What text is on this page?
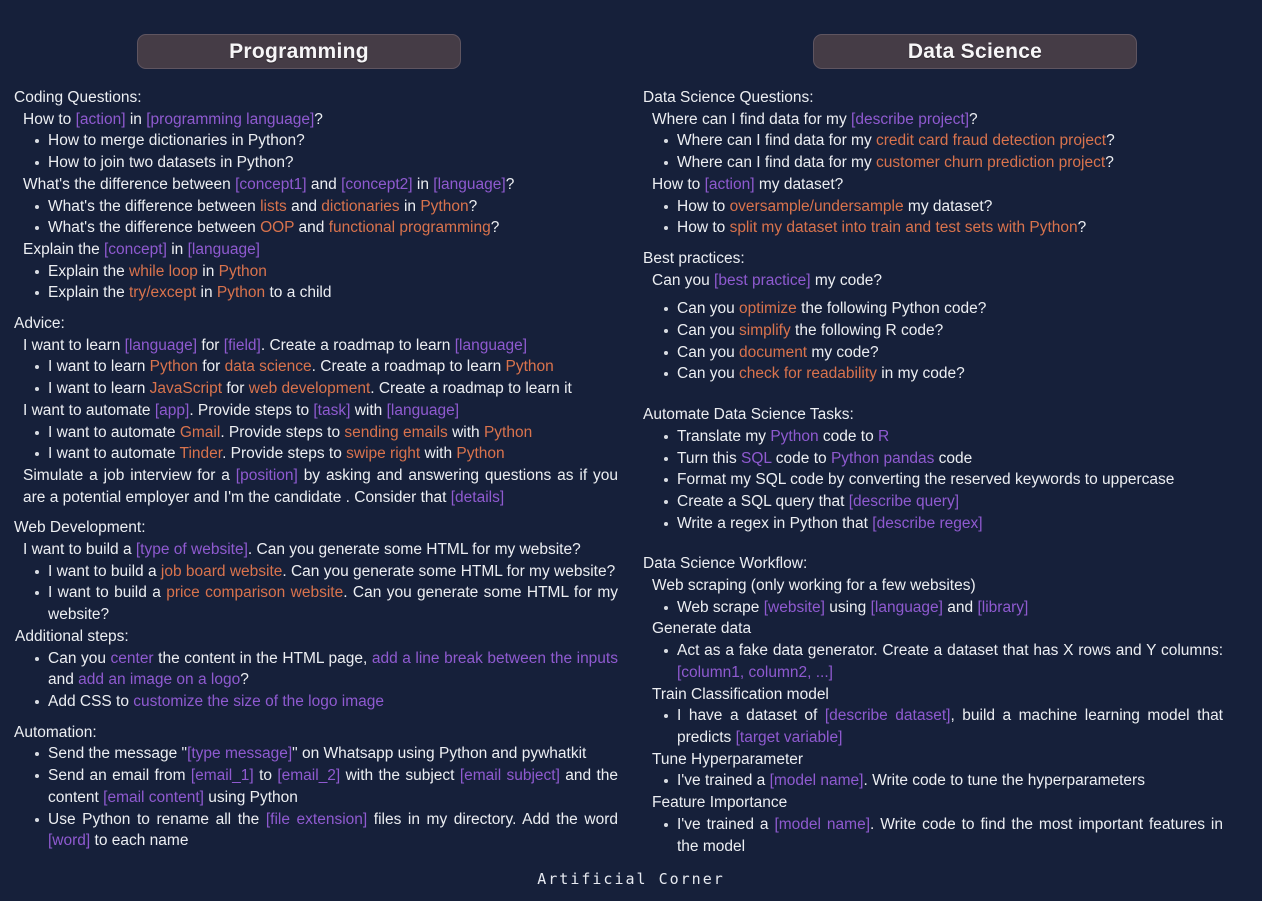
Programming
Coding Questions:
How to [action] in [programming language]?
How to merge dictionaries in Python?
How to join two datasets in Python?
What's the difference between [concept1] and [concept2] in [language]?
What's the difference between lists and dictionaries in Python?
What's the difference between OOP and functional programming?
Explain the [concept] in [language]
Explain the while loop in Python
Explain the try/except in Python to a child
Advice:
I want to learn [language] for [field]. Create a roadmap to learn [language]
I want to learn Python for data science. Create a roadmap to learn Python
I want to learn JavaScript for web development. Create a roadmap to learn it
I want to automate [app]. Provide steps to [task] with [language]
I want to automate Gmail. Provide steps to sending emails with Python
I want to automate Tinder. Provide steps to swipe right with Python
Simulate a job interview for a [position] by asking and answering questions as if you are a potential employer and I'm the candidate . Consider that [details]
Web Development:
I want to build a [type of website]. Can you generate some HTML for my website?
I want to build a job board website. Can you generate some HTML for my website?
I want to build a price comparison website. Can you generate some HTML for my website?
Additional steps:
Can you center the content in the HTML page, add a line break between the inputs and add an image on a logo?
Add CSS to customize the size of the logo image
Automation:
Send the message "[type message]" on Whatsapp using Python and pywhatkit
Send an email from [email_1] to [email_2] with the subject [email subject] and the content [email content] using Python
Use Python to rename all the [file extension] files in my directory. Add the word [word] to each name
Data Science
Data Science Questions:
Where can I find data for my [describe project]?
Where can I find data for my credit card fraud detection project?
Where can I find data for my customer churn prediction project?
How to [action] my dataset?
How to oversample/undersample my dataset?
How to split my dataset into train and test sets with Python?
Best practices:
Can you [best practice] my code?
Can you optimize the following Python code?
Can you simplify the following R code?
Can you document my code?
Can you check for readability in my code?
Automate Data Science Tasks:
Translate my Python code to R
Turn this SQL code to Python pandas code
Format my SQL code by converting the reserved keywords to uppercase
Create a SQL query that [describe query]
Write a regex in Python that [describe regex]
Data Science Workflow:
Web scraping (only working for a few websites)
Web scrape [website] using [language] and [library]
Generate data
Act as a fake data generator. Create a dataset that has X rows and Y columns: [column1, column2, ...]
Train Classification model
I have a dataset of [describe dataset], build a machine learning model that predicts [target variable]
Tune Hyperparameter
I've trained a [model name]. Write code to tune the hyperparameters
Feature Importance
I've trained a [model name]. Write code to find the most important features in the model
Artificial Corner
